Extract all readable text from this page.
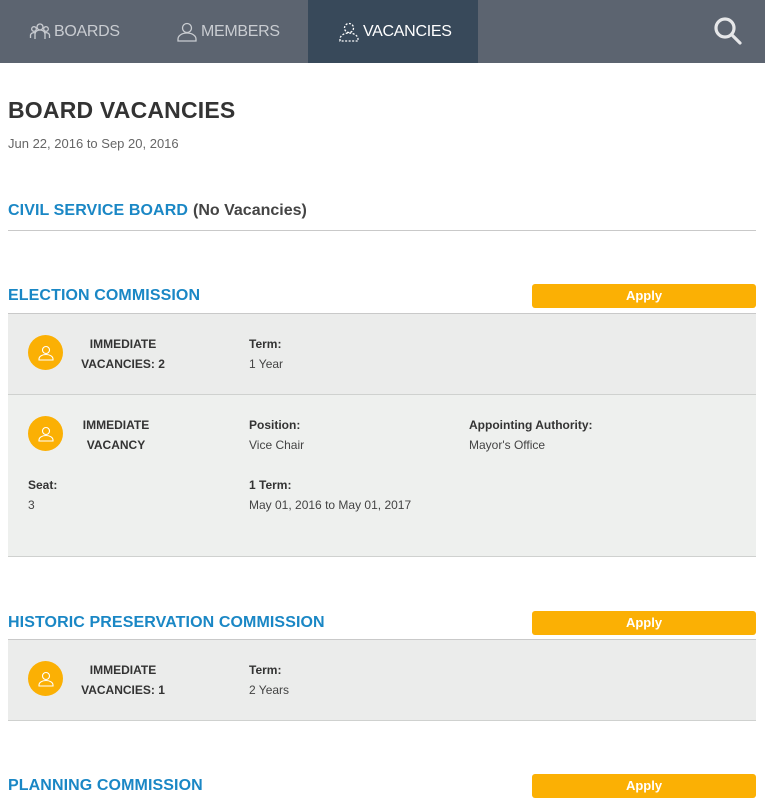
BOARDS	MEMBERS	VACANCIES
BOARD VACANCIES
Jun 22, 2016 to Sep 20, 2016
CIVIL SERVICE BOARD (No Vacancies)
ELECTION COMMISSION	Apply
IMMEDIATE
VACANCIES: 2
Term:
1 Year
IMMEDIATE
VACANCY
Position:
Vice Chair
Appointing Authority:
Mayor's Office
Seat:
3
1 Term:
May 01, 2016 to May 01, 2017
HISTORIC PRESERVATION COMMISSION	Apply
IMMEDIATE
VACANCIES: 1
Term:
2 Years
PLANNING COMMISSION	Apply
